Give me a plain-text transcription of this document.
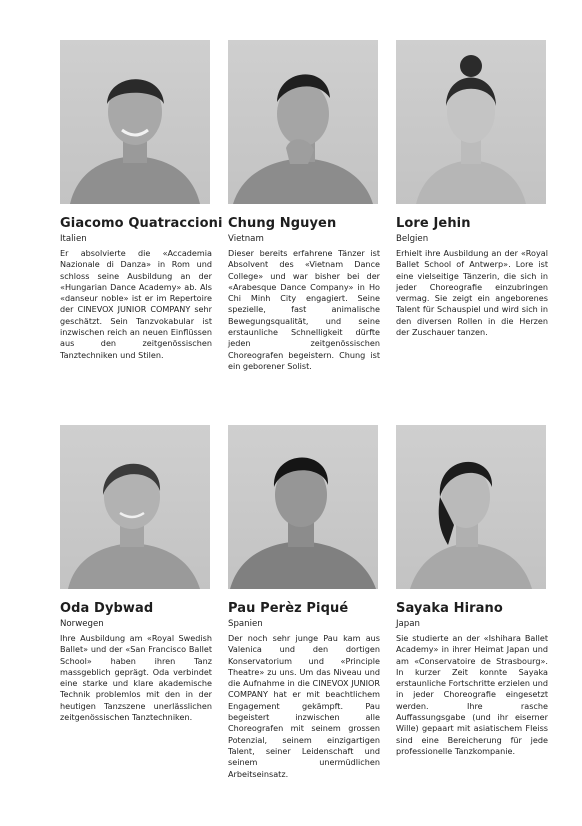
Giacomo Quatraccioni
Italien

Er absolvierte die «Accademia Nazionale di Danza» in Rom und schloss seine Ausbildung an der «Hungarian Dance Academy» ab. Als «danseur noble» ist er im Repertoire der CINEVOX JUNIOR COMPANY sehr geschätzt. Sein Tanzvokabular ist inzwischen reich an neuen Einflüssen aus den zeitgenössischen Tanztechniken und Stilen.

Chung Nguyen
Vietnam

Dieser bereits erfahrene Tänzer ist Absolvent des «Vietnam Dance College» und war bisher bei der «Arabesque Dance Company» in Ho Chi Minh City engagiert. Seine spezielle, fast animalische Bewegungsqualität, und seine erstaunliche Schnelligkeit dürfte jeden zeitgenössischen Choreografen begeistern. Chung ist ein geborener Solist.

Lore Jehin
Belgien

Erhielt ihre Ausbildung an der «Royal Ballet School of Antwerp». Lore ist eine vielseitige Tänzerin, die sich in jeder Choreografie einzubringen vermag. Sie zeigt ein angeborenes Talent für Schauspiel und wird sich in den diversen Rollen in die Herzen der Zuschauer tanzen.

Oda Dybwad
Norwegen

Ihre Ausbildung am «Royal Swedish Ballet» und der «San Francisco Ballet School» haben ihren Tanz massgeblich geprägt. Oda verbindet eine starke und klare akademische Technik problemlos mit den in der heutigen Tanzszene unerlässlichen zeitgenössischen Tanztechniken.

Pau Perèz Piqué
Spanien

Der noch sehr junge Pau kam aus Valenica und den dortigen Konservatorium und «Principle Theatre» zu uns. Um das Niveau und die Aufnahme in die CINEVOX JUNIOR COMPANY hat er mit beachtlichem Engagement gekämpft. Pau begeistert inzwischen alle Choreografen mit seinem grossen Potenzial, seinem einzigartigen Talent, seiner Leidenschaft und seinem unermüdlichen Arbeitseinsatz.

Sayaka Hirano
Japan

Sie studierte an der «Ishihara Ballet Academy» in ihrer Heimat Japan und am «Conservatoire de Strasbourg». In kurzer Zeit konnte Sayaka erstaunliche Fortschritte erzielen und in jeder Choreografie eingesetzt werden. Ihre rasche Auffassungsgabe (und ihr eiserner Wille) gepaart mit asiatischem Fleiss sind eine Bereicherung für jede professionelle Tanzkompanie.
